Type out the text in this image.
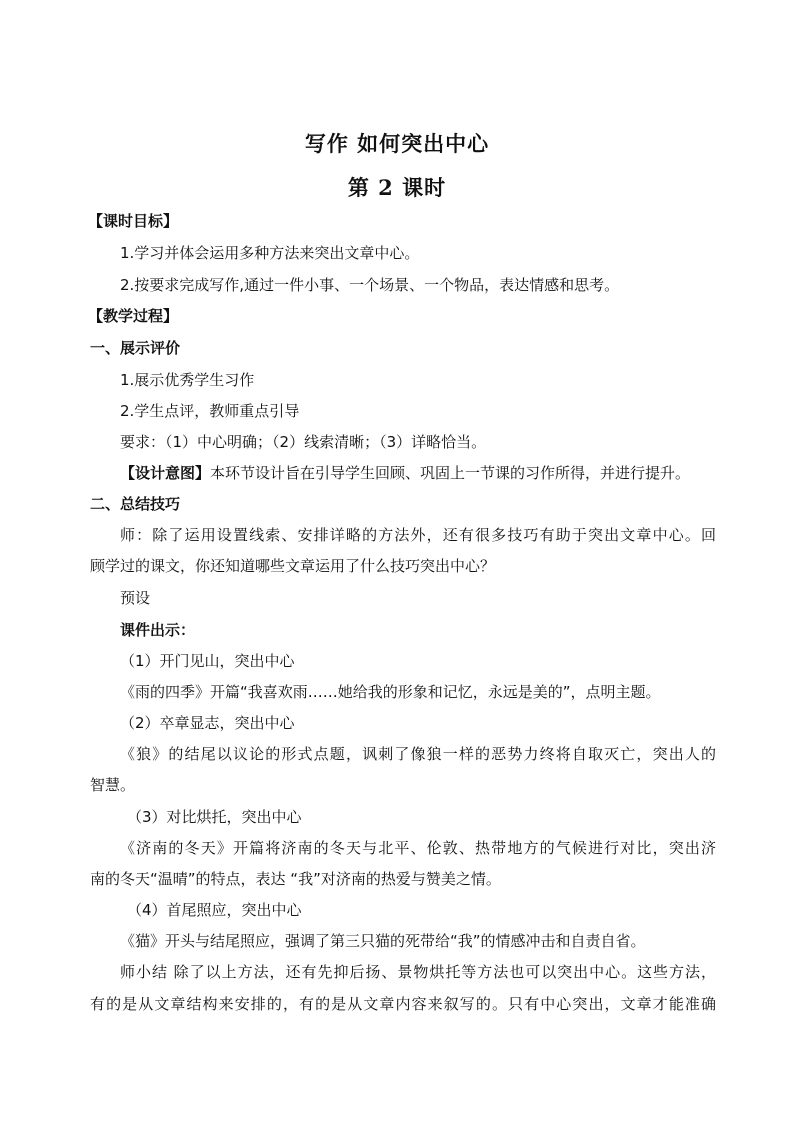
写作 如何突出中心
第 2 课时
【课时目标】
1.学习并体会运用多种方法来突出文章中心。
2.按要求完成写作,通过一件小事、一个场景、一个物品，表达情感和思考。
【教学过程】
一、展示评价
1.展示优秀学生习作
2.学生点评，教师重点引导
要求：（1）中心明确；（2）线索清晰；（3）详略恰当。
【设计意图】本环节设计旨在引导学生回顾、巩固上一节课的习作所得，并进行提升。
二、总结技巧
师：除了运用设置线索、安排详略的方法外，还有很多技巧有助于突出文章中心。回
顾学过的课文，你还知道哪些文章运用了什么技巧突出中心？
预设
课件出示：
（1）开门见山，突出中心
《雨的四季》开篇“我喜欢雨……她给我的形象和记忆，永远是美的”，点明主题。
（2）卒章显志，突出中心
《狼》的结尾以议论的形式点题，讽刺了像狼一样的恶势力终将自取灭亡，突出人的
智慧。
（3）对比烘托，突出中心
《济南的冬天》开篇将济南的冬天与北平、伦敦、热带地方的气候进行对比，突出济
南的冬天“温晴”的特点，表达 “我”对济南的热爱与赞美之情。
（4）首尾照应，突出中心
《猫》开头与结尾照应，强调了第三只猫的死带给“我”的情感冲击和自责自省。
师小结 除了以上方法，还有先抑后扬、景物烘托等方法也可以突出中心。这些方法，
有的是从文章结构来安排的，有的是从文章内容来叙写的。只有中心突出，文章才能准确
